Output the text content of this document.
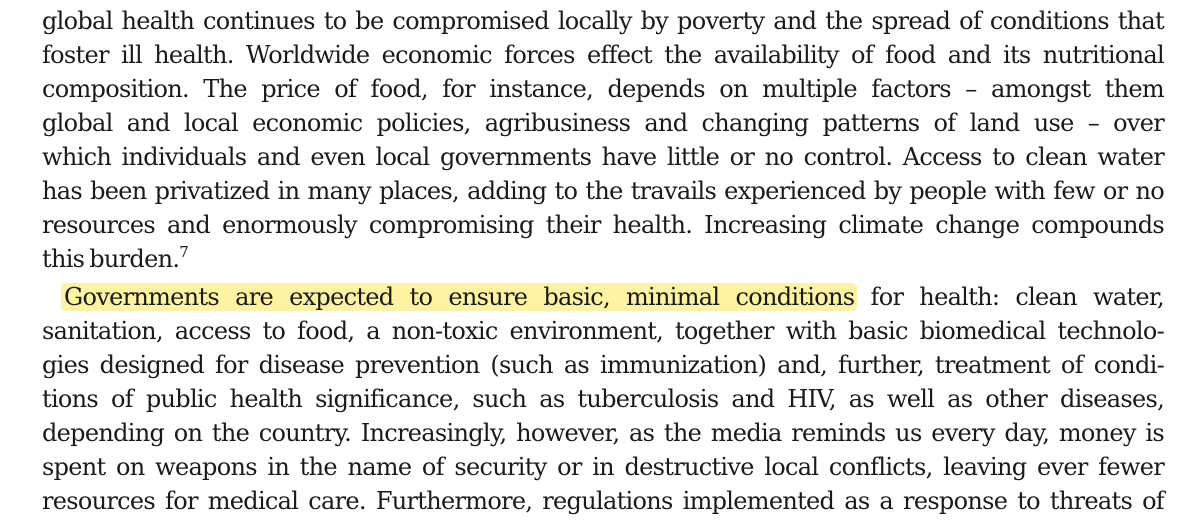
global health continues to be compromised locally by poverty and the spread of conditions that
foster ill health. Worldwide economic forces effect the availability of food and its nutritional
composition. The price of food, for instance, depends on multiple factors – amongst them
global and local economic policies, agribusiness and changing patterns of land use – over
which individuals and even local governments have little or no control. Access to clean water
has been privatized in many places, adding to the travails experienced by people with few or no
resources and enormously compromising their health. Increasing climate change compounds
this burden.$^7$
Governments are expected to ensure basic, minimal conditions for health: clean water,
sanitation, access to food, a non-toxic environment, together with basic biomedical technolo-
gies designed for disease prevention (such as immunization) and, further, treatment of condi-
tions of public health significance, such as tuberculosis and HIV, as well as other diseases,
depending on the country. Increasingly, however, as the media reminds us every day, money is
spent on weapons in the name of security or in destructive local conflicts, leaving ever fewer
resources for medical care. Furthermore, regulations implemented as a response to threats of
